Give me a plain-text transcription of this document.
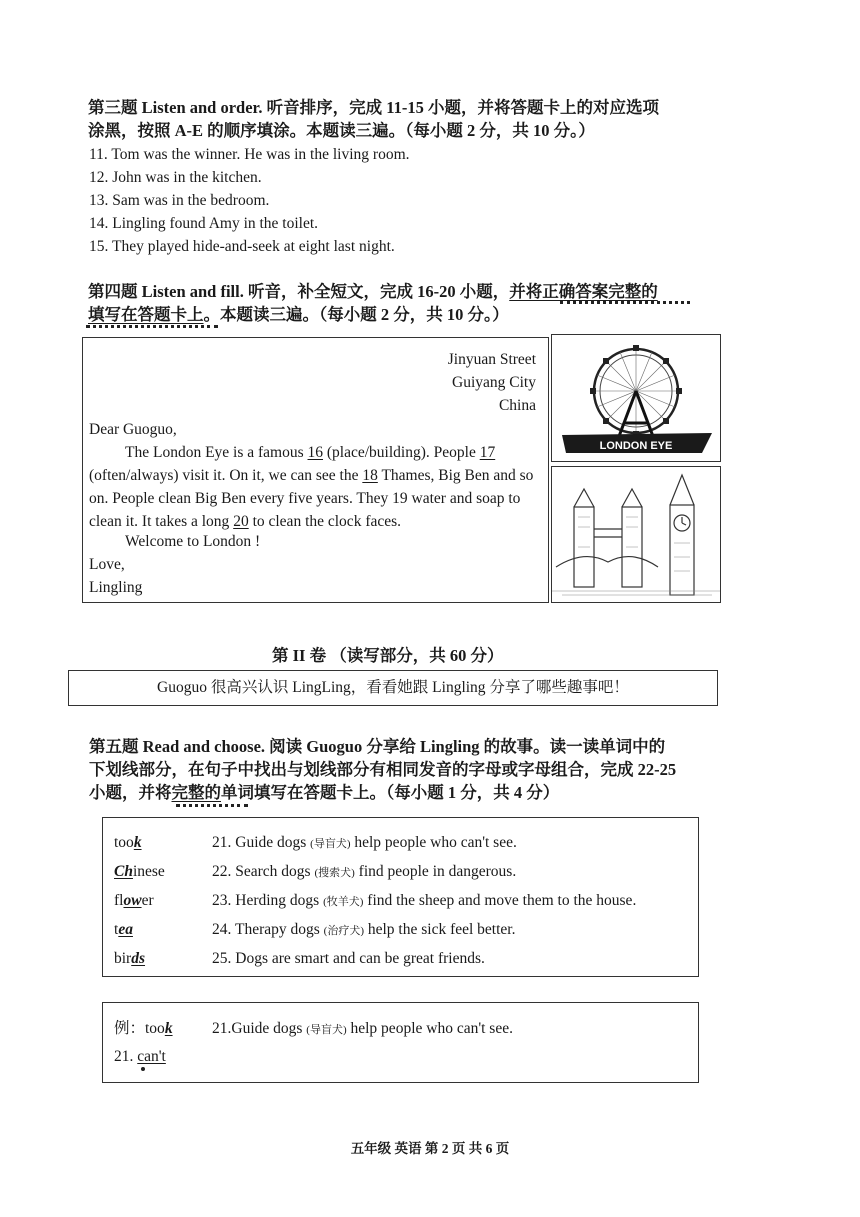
第三题 Listen and order. 听音排序，完成 11-15 小题，并将答题卡上的对应选项
涂黑，按照 A-E 的顺序填涂。本题读三遍。（每小题 2 分，共 10 分。）
11. Tom was the winner. He was in the living room.
12. John was in the kitchen.
13. Sam was in the bedroom.
14. Lingling found Amy in the toilet.
15. They played hide-and-seek at eight last night.
第四题 Listen and fill. 听音，补全短文，完成 16-20 小题，并将正确答案完整的
填写在答题卡上。本题读三遍。（每小题 2 分，共 10 分。）
Jinyuan Street
Guiyang City
China
Dear Guoguo,
The London Eye is a famous 16 (place/building). People 17 (often/always) visit it. On it, we can see the 18 Thames, Big Ben and so on. People clean Big Ben every five years. They 19 water and soap to clean it. It takes a long 20 to clean the clock faces.
Welcome to London !
Love,
Lingling
LONDON EYE
第 II 卷 （读写部分，共 60 分）
Guoguo 很高兴认识 LingLing，看看她跟 Lingling 分享了哪些趣事吧！
第五题 Read and choose. 阅读 Guoguo 分享给 Lingling 的故事。读一读单词中的
下划线部分，在句子中找出与划线部分有相同发音的字母或字母组合，完成 22-25
小题，并将完整的单词填写在答题卡上。（每小题 1 分，共 4 分）
took	21. Guide dogs (导盲犬) help people who can't see.
Chinese	22. Search dogs (搜索犬) find people in dangerous.
flower	23. Herding dogs (牧羊犬) find the sheep and move them to the house.
tea	24. Therapy dogs (治疗犬) help the sick feel better.
birds	25. Dogs are smart and can be great friends.
例：took	21.Guide dogs (导盲犬) help people who can't see.
21. can't
五年级 英语 第 2 页 共 6 页
